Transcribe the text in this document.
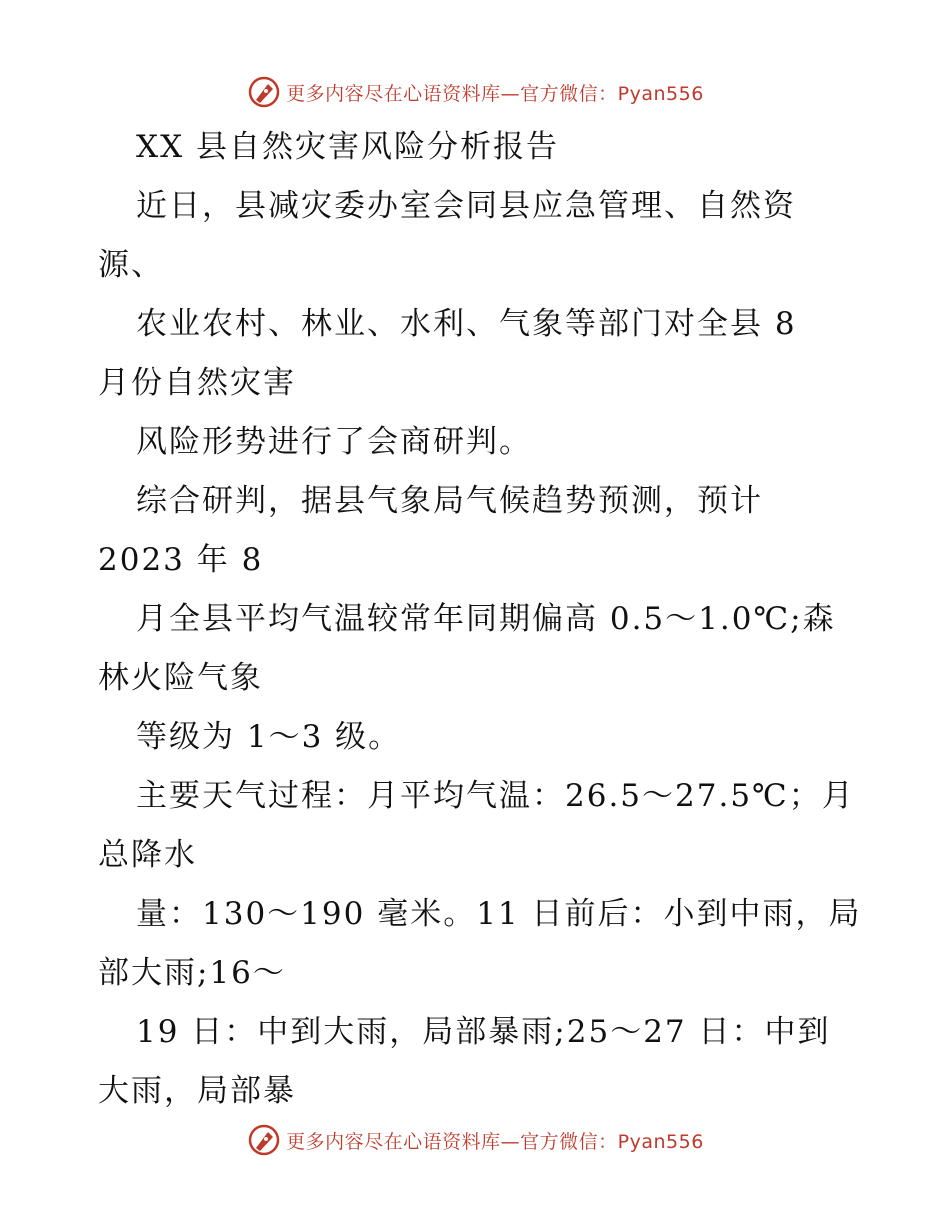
更多内容尽在心语资料库—官方微信：Pyan556
XX 县自然灾害风险分析报告
近日，县减灾委办室会同县应急管理、自然资
源、
农业农村、林业、水利、气象等部门对全县 8
月份自然灾害
风险形势进行了会商研判。
综合研判，据县气象局气候趋势预测，预计
2023 年 8
月全县平均气温较常年同期偏高 0.5～1.0℃;森
林火险气象
等级为 1～3 级。
主要天气过程：月平均气温：26.5～27.5℃；月
总降水
量：130～190 毫米。11 日前后：小到中雨，局
部大雨;16～
19 日：中到大雨，局部暴雨;25～27 日：中到
大雨，局部暴
更多内容尽在心语资料库—官方微信：Pyan556
